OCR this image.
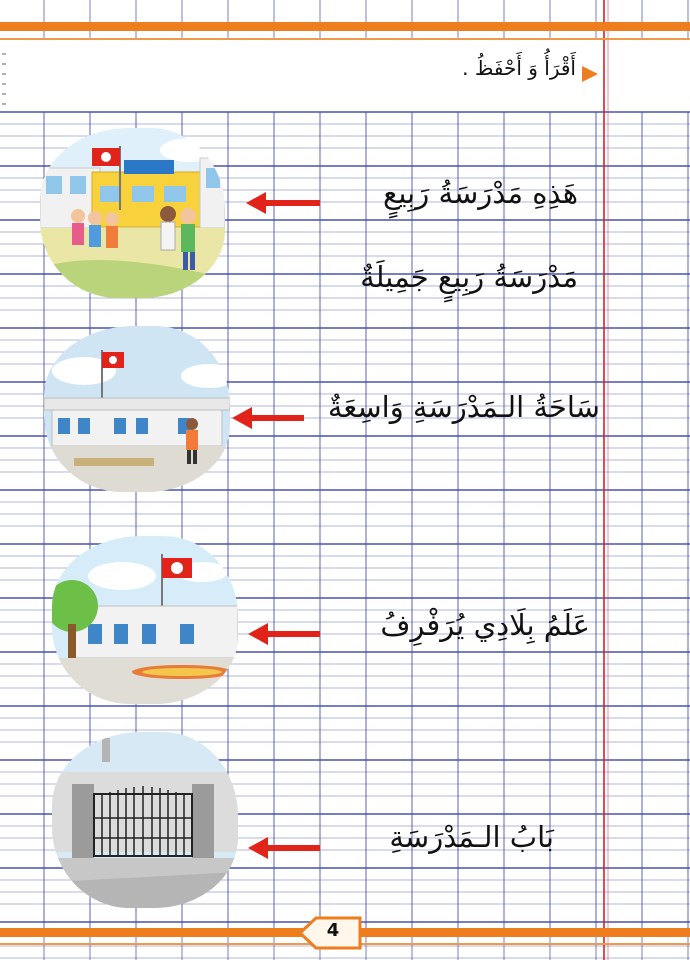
أَقْرَأُ وَ أَحْفَظُ .
هَذِهِ مَدْرَسَةُ رَبِيعٍ
مَدْرَسَةُ رَبِيعٍ جَمِيلَةٌ
سَاحَةُ الـمَدْرَسَةِ وَاسِعَةٌ
عَلَمُ بِلَادِي يُرَفْرِفُ
بَابُ الـمَدْرَسَةِ
4
